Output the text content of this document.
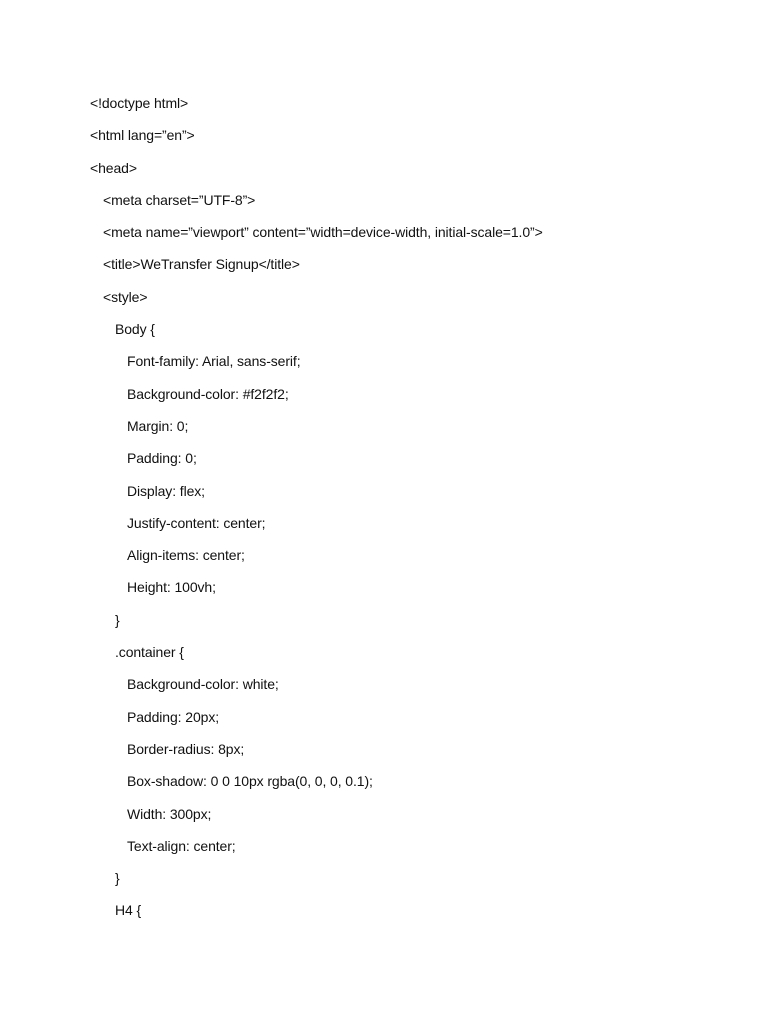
<!doctype html>
<html lang=”en”>
<head>
<meta charset=”UTF-8”>
<meta name=”viewport” content=”width=device-width, initial-scale=1.0”>
<title>WeTransfer Signup</title>
<style>
Body {
Font-family: Arial, sans-serif;
Background-color: #f2f2f2;
Margin: 0;
Padding: 0;
Display: flex;
Justify-content: center;
Align-items: center;
Height: 100vh;
}
.container {
Background-color: white;
Padding: 20px;
Border-radius: 8px;
Box-shadow: 0 0 10px rgba(0, 0, 0, 0.1);
Width: 300px;
Text-align: center;
}
H4 {
